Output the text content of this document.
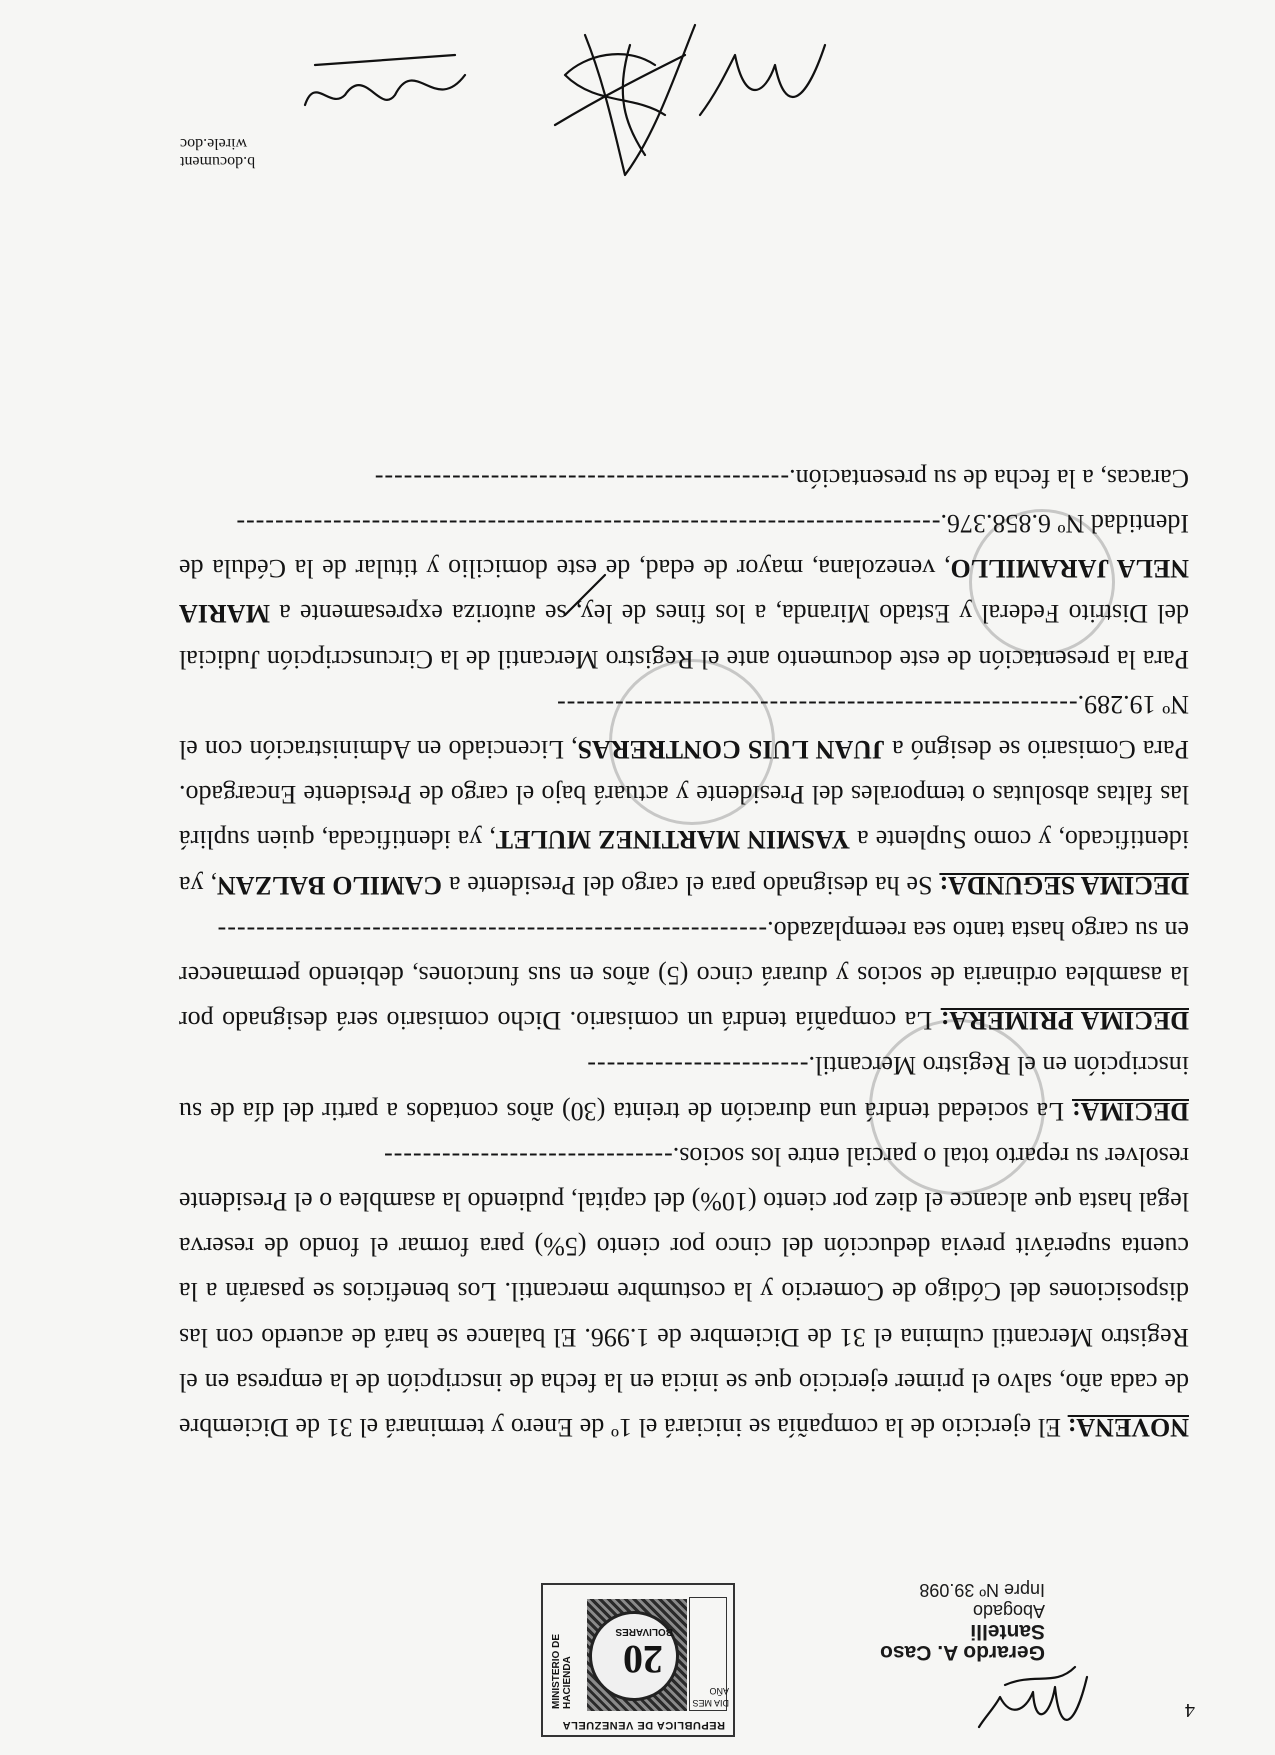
4
Gerardo A. Caso Santelli
Abogado
Inpre Nº 39.098
REPUBLICA DE VENEZUELA
DIA MES AÑO
20
BOLIVARES
MINISTERIO DE HACIENDA

NOVENA: El ejercicio de la compañía se iniciará el 1º de Enero y terminará el 31 de Diciembre de cada año, salvo el primer ejercicio que se inicia en la fecha de inscripción de la empresa en el Registro Mercantil culmina el 31 de Diciembre de 1.996. El balance se hará de acuerdo con las disposiciones del Código de Comercio y la costumbre mercantil. Los beneficios se pasarán a la cuenta superávit previa deducción del cinco por ciento (5%) para formar el fondo de reserva legal hasta que alcance el diez por ciento (10%) del capital, pudiendo la asamblea o el Presidente resolver su reparto total o parcial entre los socios.------------------------------

DECIMA: La sociedad tendrá una duración de treinta (30) años contados a partir del día de su inscripción en el Registro Mercantil.-----------------------

DECIMA PRIMERA: La compañía tendrá un comisario. Dicho comisario será designado por la asamblea ordinaria de socios y durará cinco (5) años en sus funciones, debiendo permanecer en su cargo hasta tanto sea reemplazado.---------------------------------------------------------

DECIMA SEGUNDA: Se ha designado para el cargo del Presidente a CAMILO BALZAN, ya identificado, y como Suplente a YASMIN MARTINEZ MULET, ya identificada, quien suplirá las faltas absolutas o temporales del Presidente y actuará bajo el cargo de Presidente Encargado. Para Comisario se designó a JUAN LUIS CONTRERAS, Licenciado en Administración con el Nº 19.289.------------------------------------------------------

Para la presentación de este documento ante el Registro Mercantil de la Circunscripción Judicial del Distrito Federal y Estado Miranda, a los fines de ley, se autoriza expresamente a MARIA NELA JARAMILLO, venezolana, mayor de edad, de este domicilio y titular de la Cédula de Identidad Nº 6.858.376.-------------------------------------------------------------------------

Caracas, a la fecha de su presentación.-------------------------------------------

b.document
wirele.doc
